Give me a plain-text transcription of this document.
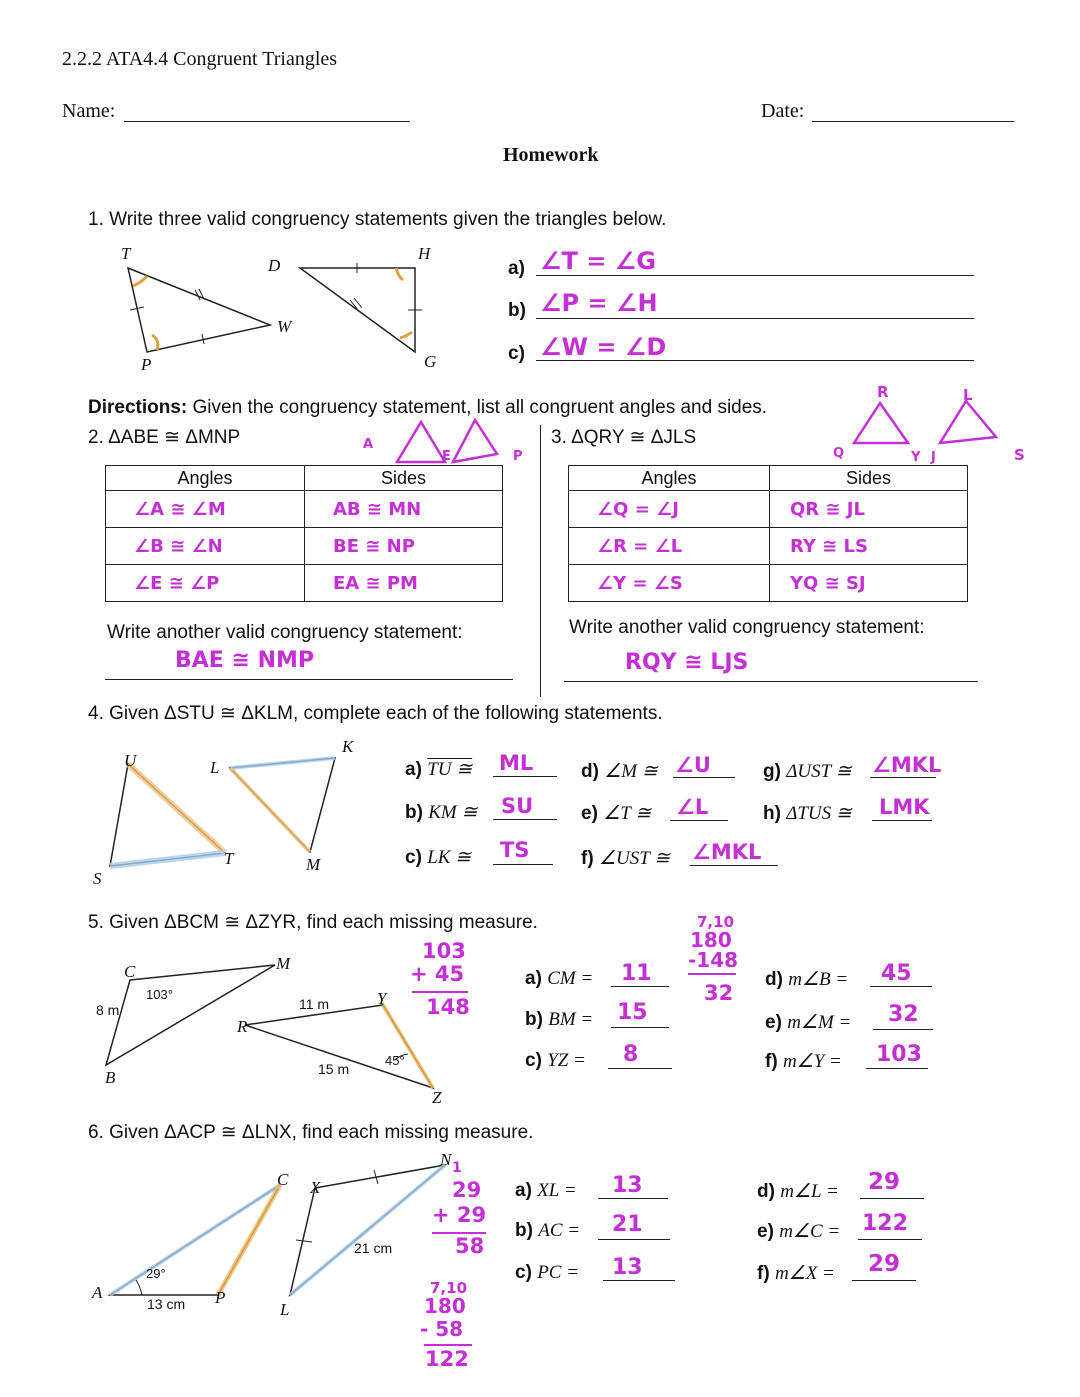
2.2.2 ATA4.4 Congruent Triangles
Name:	Date:
Homework
1. Write three valid congruency statements given the triangles below.
T
P
W
D
H
G
a) ∠T = ∠G
b) ∠P = ∠H
c) ∠W = ∠D
Directions: Given the congruency statement, list all congruent angles and sides.
2. ΔABE ≅ ΔMNP	A
E	P
Angles	Sides
∠A ≅ ∠M	AB ≅ MN
∠B ≅ ∠N	BE ≅ NP
∠E ≅ ∠P	EA ≅ PM
Write another valid congruency statement:
BAE ≅ NMP
3. ΔQRY ≅ ΔJLS
R	L
Q	Y J	S
Angles	Sides
∠Q = ∠J	QR ≅ JL
∠R = ∠L	RY ≅ LS
∠Y = ∠S	YQ ≅ SJ
Write another valid congruency statement:
RQY ≅ LJS
4. Given ΔSTU ≅ ΔKLM, complete each of the following statements.
U	L
K
S
T	M
a) TU ≅ ML
b) KM ≅ SU
c) LK ≅ TS
d) ∠M ≅ ∠U
e) ∠T ≅ ∠L
f) ∠UST ≅ ∠MKL
g) ΔUST ≅ ∠MKL
h) ΔTUS ≅ LMK
5. Given ΔBCM ≅ ΔZYR, find each missing measure.
C	M
B
R
Y
Z
8 m
103°
11 m
15 m
45°
103
+ 45
148
7,10
180
-148
32
a) CM = 11
b) BM = 15
c) YZ = 8
d) m∠B = 45
e) m∠M = 32
f) m∠Y = 103
6. Given ΔACP ≅ ΔLNX, find each missing measure.
C X
N
A	P
L
29°
13 cm
21 cm
1
29
+ 29
58
7,10
180
- 58
122
a) XL = 13
b) AC = 21
c) PC = 13
d) m∠L = 29
e) m∠C = 122
f) m∠X = 29
